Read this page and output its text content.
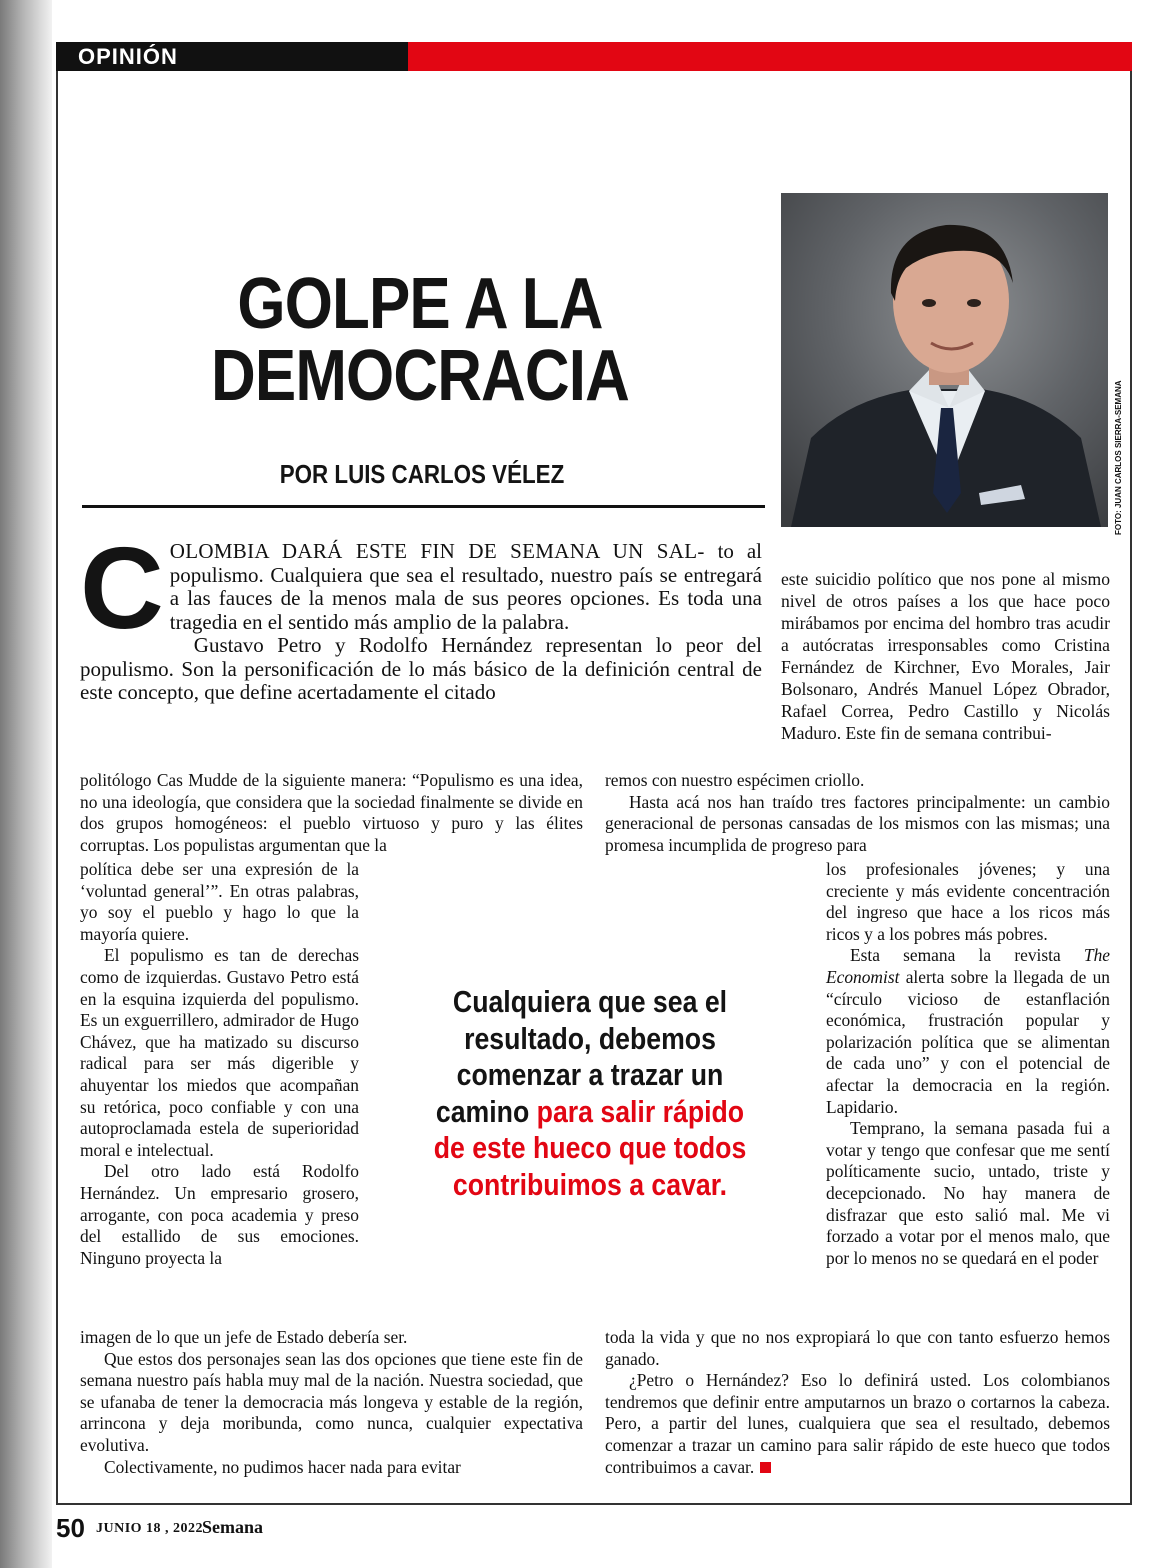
OPINIÓN
GOLPE A LA
DEMOCRACIA
POR LUIS CARLOS VÉLEZ	FOTO: JUAN CARLOS SIERRA-SEMANA

COLOMBIA DARÁ ESTE FIN DE SEMANA UN SAL- to al populismo. Cualquiera que sea el resultado, nuestro país se entregará a las fauces de la menos mala de sus peores opciones. Es toda una tragedia en el sentido más amplio de la palabra.

Gustavo Petro y Rodolfo Hernández representan lo peor del populismo. Son la personificación de lo más básico de la definición central de este concepto, que define acertadamente el citado

este suicidio político que nos pone al mismo nivel de otros países a los que hace poco mirábamos por encima del hombro tras acudir a autócratas irresponsables como Cristina Fernández de Kirchner, Evo Morales, Jair Bolsonaro, Andrés Manuel López Obrador, Rafael Correa, Pedro Castillo y Nicolás Maduro. Este fin de semana contribui-

politólogo Cas Mudde de la siguiente manera: “Populismo es una idea, no una ideología, que considera que la sociedad finalmente se divide en dos grupos homogéneos: el pueblo virtuoso y puro y las élites corruptas. Los populistas argumentan que la

política debe ser una expresión de la ‘voluntad general’”. En otras palabras, yo soy el pueblo y hago lo que la mayoría quiere.

El populismo es tan de derechas como de izquierdas. Gustavo Petro está en la esquina izquierda del populismo. Es un exguerrillero, admirador de Hugo Chávez, que ha matizado su discurso radical para ser más digerible y ahuyentar los miedos que acompañan su retórica, poco confiable y con una autoproclamada estela de superioridad moral e intelectual.

Del otro lado está Rodolfo Hernández. Un empresario grosero, arrogante, con poca academia y preso del estallido de sus emociones. Ninguno proyecta la

imagen de lo que un jefe de Estado debería ser.

Que estos dos personajes sean las dos opciones que tiene este fin de semana nuestro país habla muy mal de la nación. Nuestra sociedad, que se ufanaba de tener la democracia más longeva y estable de la región, arrincona y deja moribunda, como nunca, cualquier expectativa evolutiva.

Colectivamente, no pudimos hacer nada para evitar

remos con nuestro espécimen criollo.

Hasta acá nos han traído tres factores principalmente: un cambio generacional de personas cansadas de los mismos con las mismas; una promesa incumplida de progreso para

los profesionales jóvenes; y una creciente y más evidente concentración del ingreso que hace a los ricos más ricos y a los pobres más pobres.

Esta semana la revista The Economist alerta sobre la llegada de un “círculo vicioso de estanflación económica, frustración popular y polarización política que se alimentan de cada uno” y con el potencial de afectar la democracia en la región. Lapidario.

Temprano, la semana pasada fui a votar y tengo que confesar que me sentí políticamente sucio, untado, triste y decepcionado. No hay manera de disfrazar que esto salió mal. Me vi forzado a votar por el menos malo, que por lo menos no se quedará en el poder

toda la vida y que no nos expropiará lo que con tanto esfuerzo hemos ganado.

¿Petro o Hernández? Eso lo definirá usted. Los colombianos tendremos que definir entre amputarnos un brazo o cortarnos la cabeza. Pero, a partir del lunes, cualquiera que sea el resultado, debemos comenzar a trazar un camino para salir rápido de este hueco que todos contribuimos a cavar.

Cualquiera que sea el resultado, debemos comenzar a trazar un camino para salir rápido de este hueco que todos contribuimos a cavar.
50 JUNIO 18 , 2022
Semana
